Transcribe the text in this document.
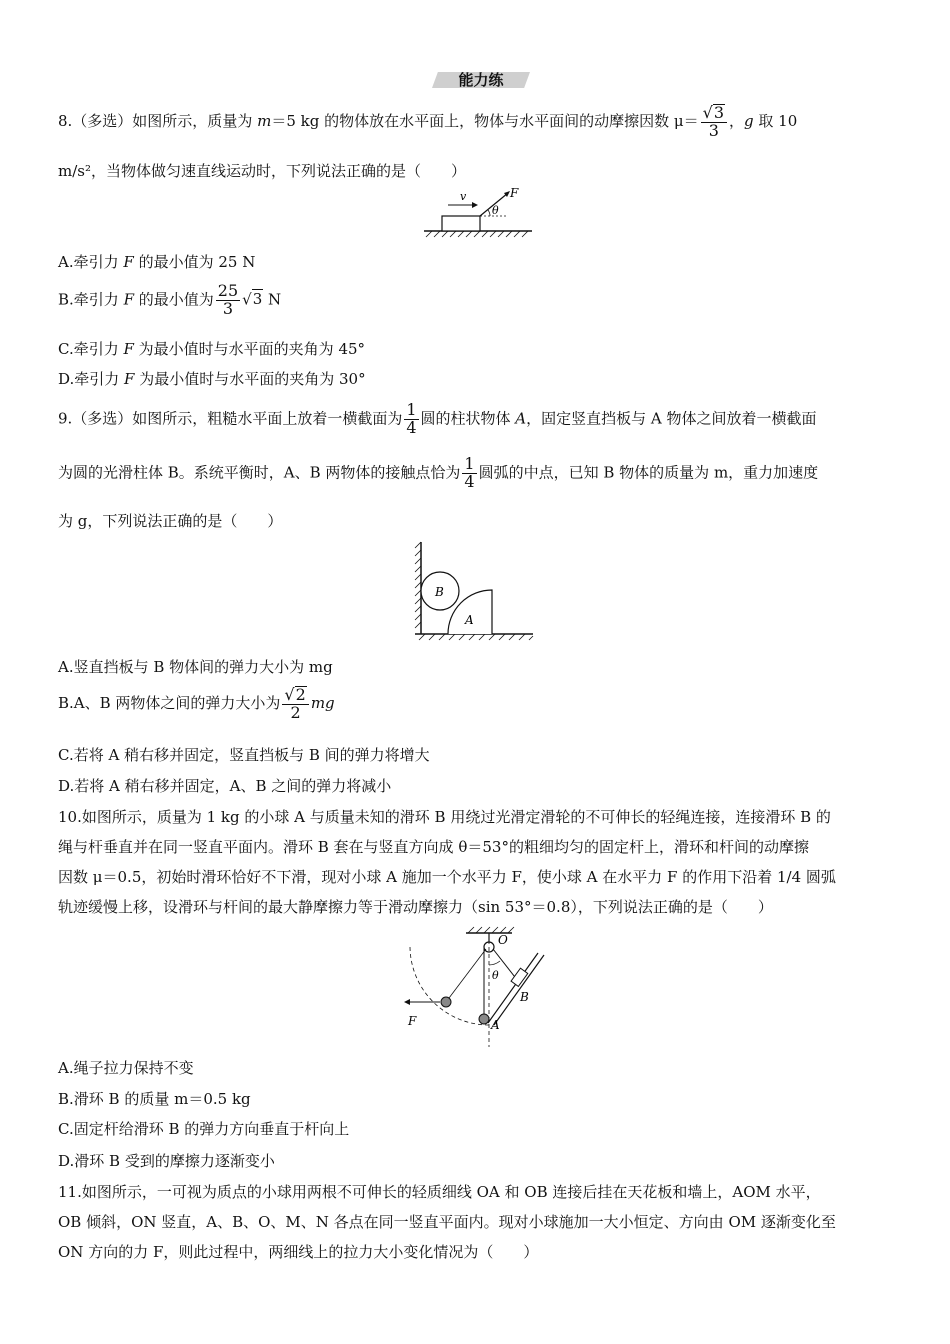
能力练
8.（多选）如图所示，质量为 m＝5 kg 的物体放在水平面上，物体与水平面间的动摩擦因数 $\mu= \frac{√3}{3}$ ，g 取 10
m/s²，当物体做匀速直线运动时，下列说法正确的是（　　）
v	F
θ
A.牵引力 F 的最小值为 25 N
B.牵引力 F 的最小值为 $\frac{25}{3} √3$ N
C.牵引力 F 为最小值时与水平面的夹角为 45°
D.牵引力 F 为最小值时与水平面的夹角为 30°
9.（多选）如图所示，粗糙水平面上放着一横截面为 $\frac{1}{4}$ 圆的柱状物体 A，固定竖直挡板与 A 物体之间放着一横截面
为圆的光滑柱体 B。系统平衡时，A、B 两物体的接触点恰为 $\frac{1}{4}$ 圆弧的中点，已知 B 物体的质量为 m，重力加速度
为 g，下列说法正确的是（　　）
B
A
A.竖直挡板与 B 物体间的弹力大小为 mg
B.A、B 两物体之间的弹力大小为 $\frac{√2}{2}$ mg
C.若将 A 稍右移并固定，竖直挡板与 B 间的弹力将增大
D.若将 A 稍右移并固定，A、B 之间的弹力将减小
10.如图所示，质量为 1 kg 的小球 A 与质量未知的滑环 B 用绕过光滑定滑轮的不可伸长的轻绳连接，连接滑环 B 的
绳与杆垂直并在同一竖直平面内。滑环 B 套在与竖直方向成 θ＝53°的粗细均匀的固定杆上，滑环和杆间的动摩擦
因数 μ＝0.5，初始时滑环恰好不下滑，现对小球 A 施加一个水平力 F，使小球 A 在水平力 F 的作用下沿着 1/4 圆弧
轨迹缓慢上移，设滑环与杆间的最大静摩擦力等于滑动摩擦力（sin 53°＝0.8），下列说法正确的是（　　）
O
θ
B
F	A
A.绳子拉力保持不变
B.滑环 B 的质量 m＝0.5 kg
C.固定杆给滑环 B 的弹力方向垂直于杆向上
D.滑环 B 受到的摩擦力逐渐变小
11.如图所示，一可视为质点的小球用两根不可伸长的轻质细线 OA 和 OB 连接后挂在天花板和墙上，AOM 水平，
OB 倾斜，ON 竖直，A、B、O、M、N 各点在同一竖直平面内。现对小球施加一大小恒定、方向由 OM 逐渐变化至
ON 方向的力 F，则此过程中，两细线上的拉力大小变化情况为（　　）
